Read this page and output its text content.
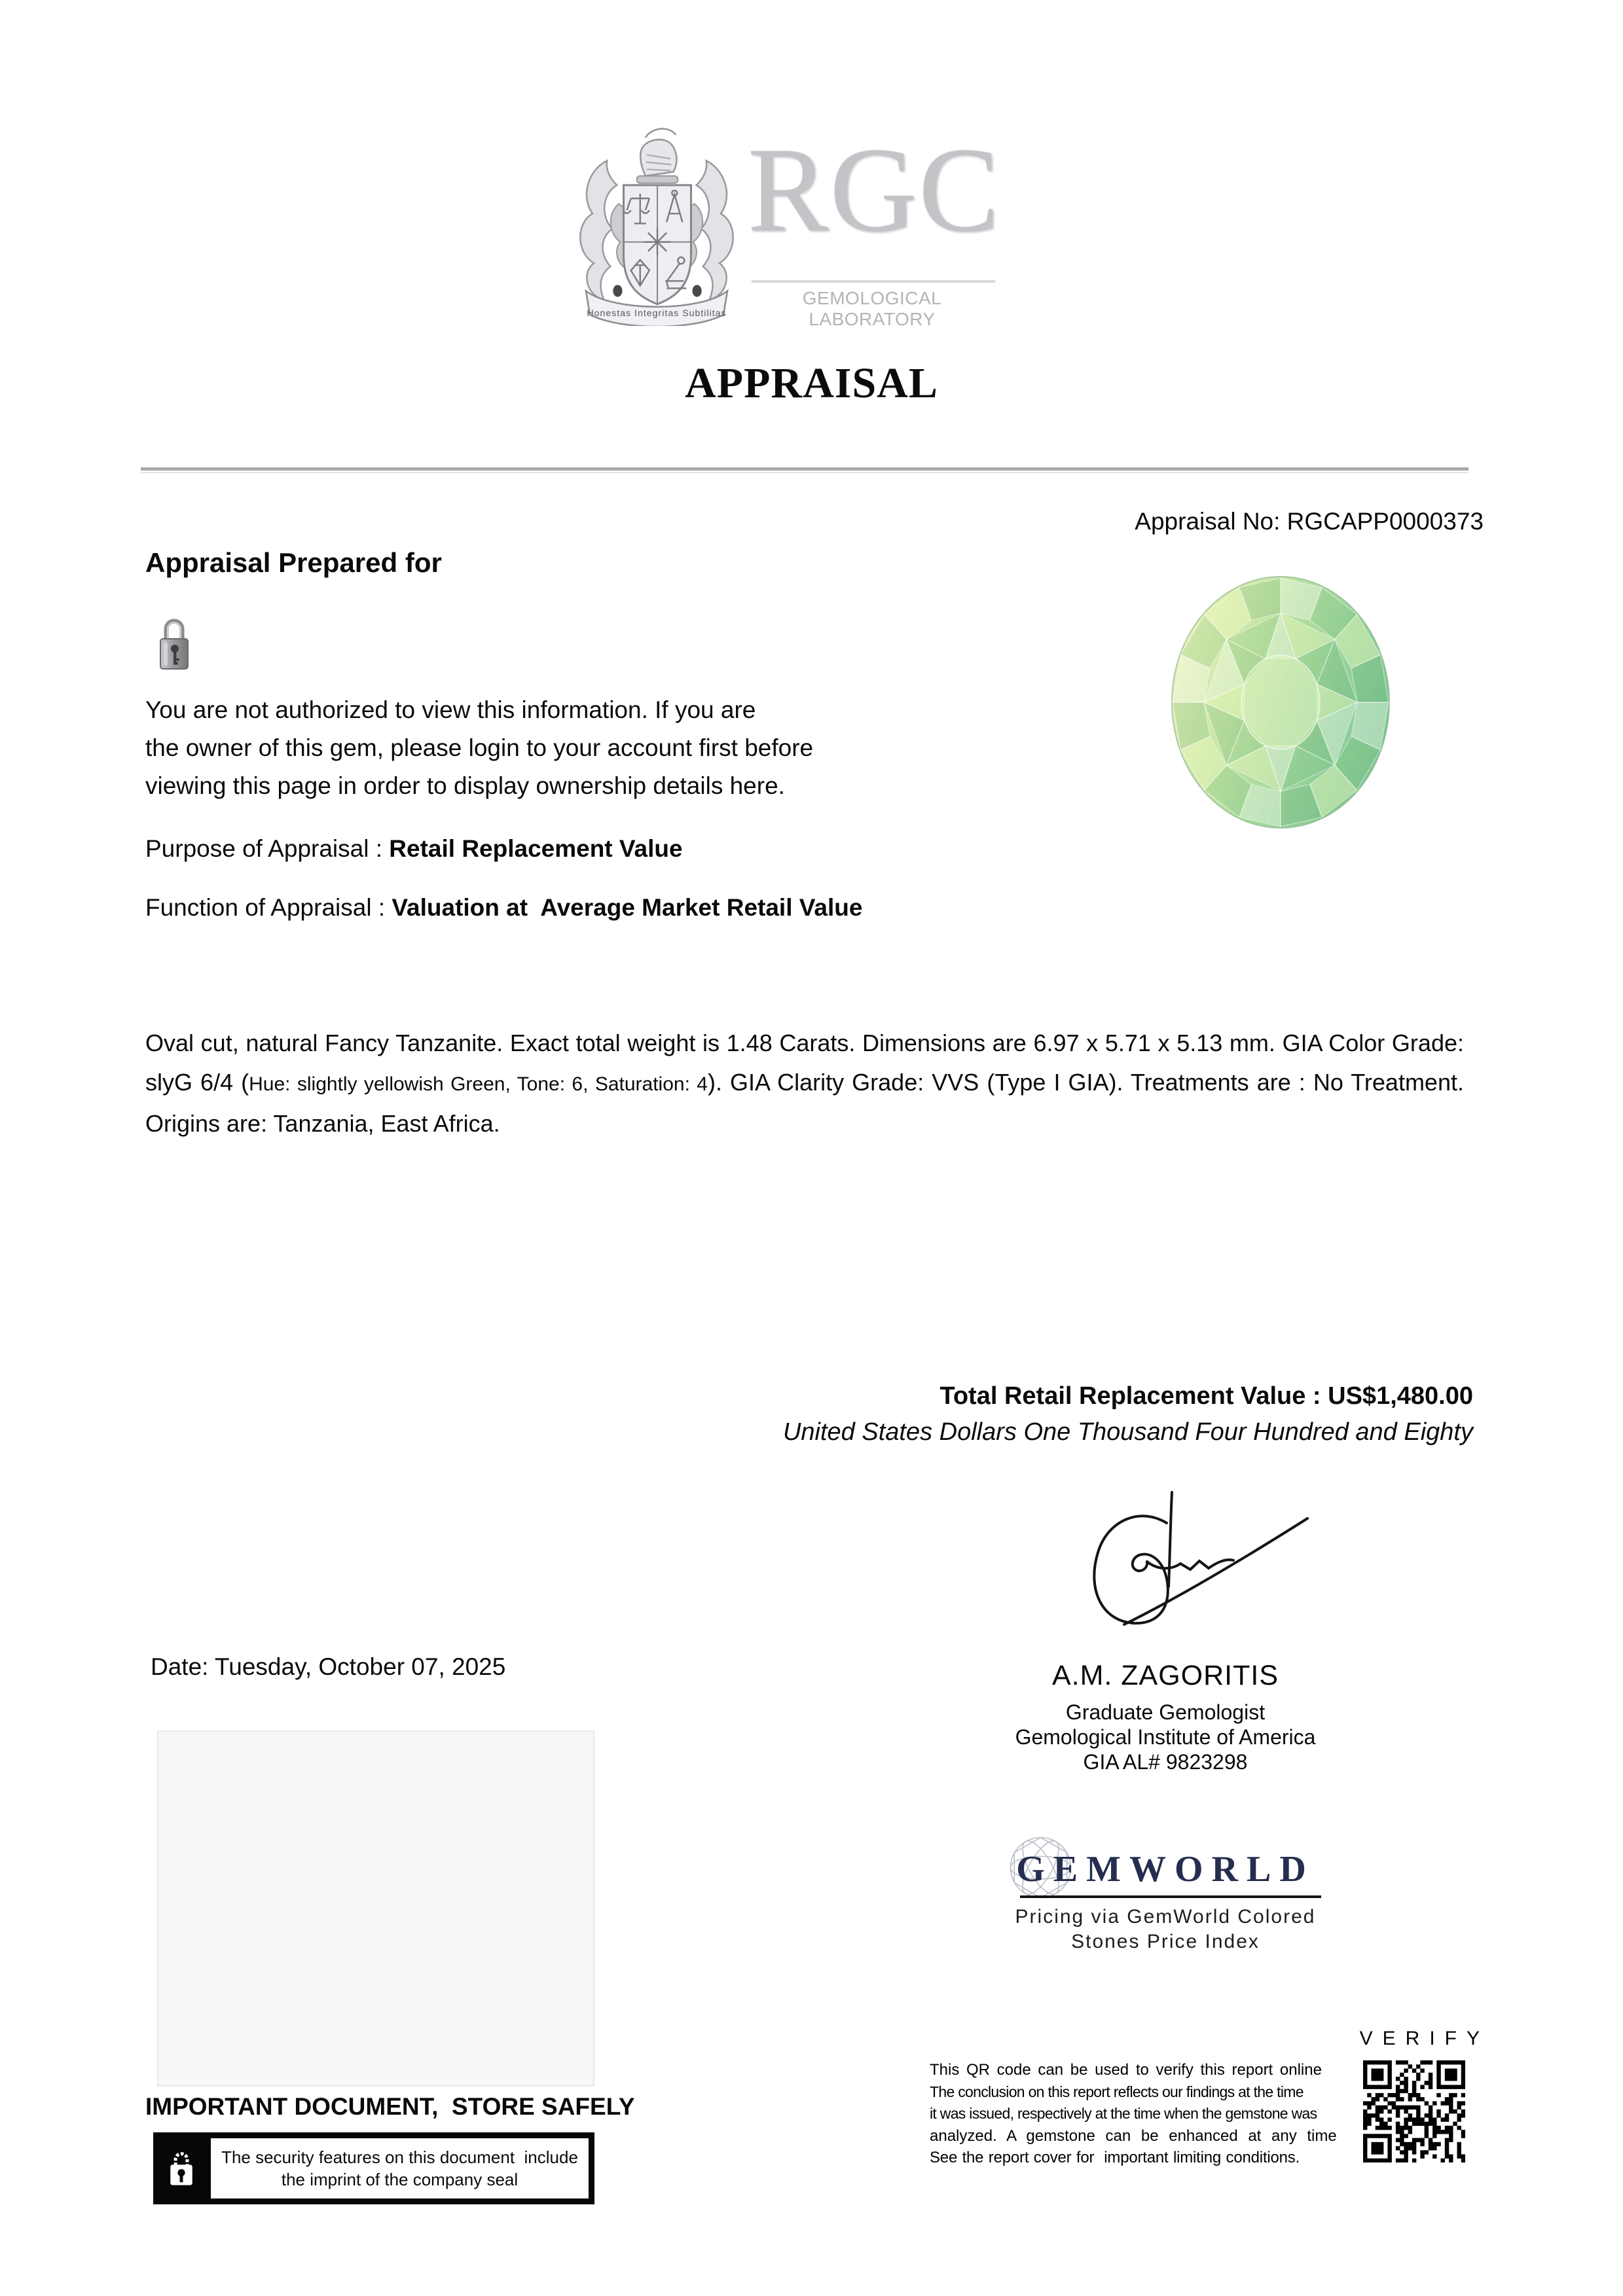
Honestas Integritas Subtilitas
RGC
GEMOLOGICAL LABORATORY
APPRAISAL
Appraisal No: RGCAPP0000373
Appraisal Prepared for
You are not authorized to view this information. If you are
the owner of this gem, please login to your account first before
viewing this page in order to display ownership details here.
Purpose of Appraisal : Retail Replacement Value
Function of Appraisal : Valuation at  Average Market Retail Value
Oval cut, natural Fancy Tanzanite. Exact total weight is 1.48 Carats. Dimensions are 6.97 x 5.71 x 5.13 mm. GIA Color Grade: slyG 6/4 (Hue: slightly yellowish Green, Tone: 6, Saturation: 4). GIA Clarity Grade: VVS (Type I GIA). Treatments are : No Treatment. Origins are: Tanzania, East Africa.
Total Retail Replacement Value : US$1,480.00
United States Dollars One Thousand Four Hundred and Eighty
Date: Tuesday, October 07, 2025	A.M. ZAGORITIS
Graduate Gemologist
Gemological Institute of America
GIA AL# 9823298
GEMWORLD
Pricing via GemWorld Colored
Stones Price Index
IMPORTANT DOCUMENT,  STORE SAFELY
The security features on this document  include
the imprint of the company seal
VERIFY
This QR code can be used to verify this report online
The conclusion on this report reflects our findings at the time
it was issued, respectively at the time when the gemstone was
analyzed. A gemstone can be enhanced at any time
See the report cover for  important limiting conditions.
